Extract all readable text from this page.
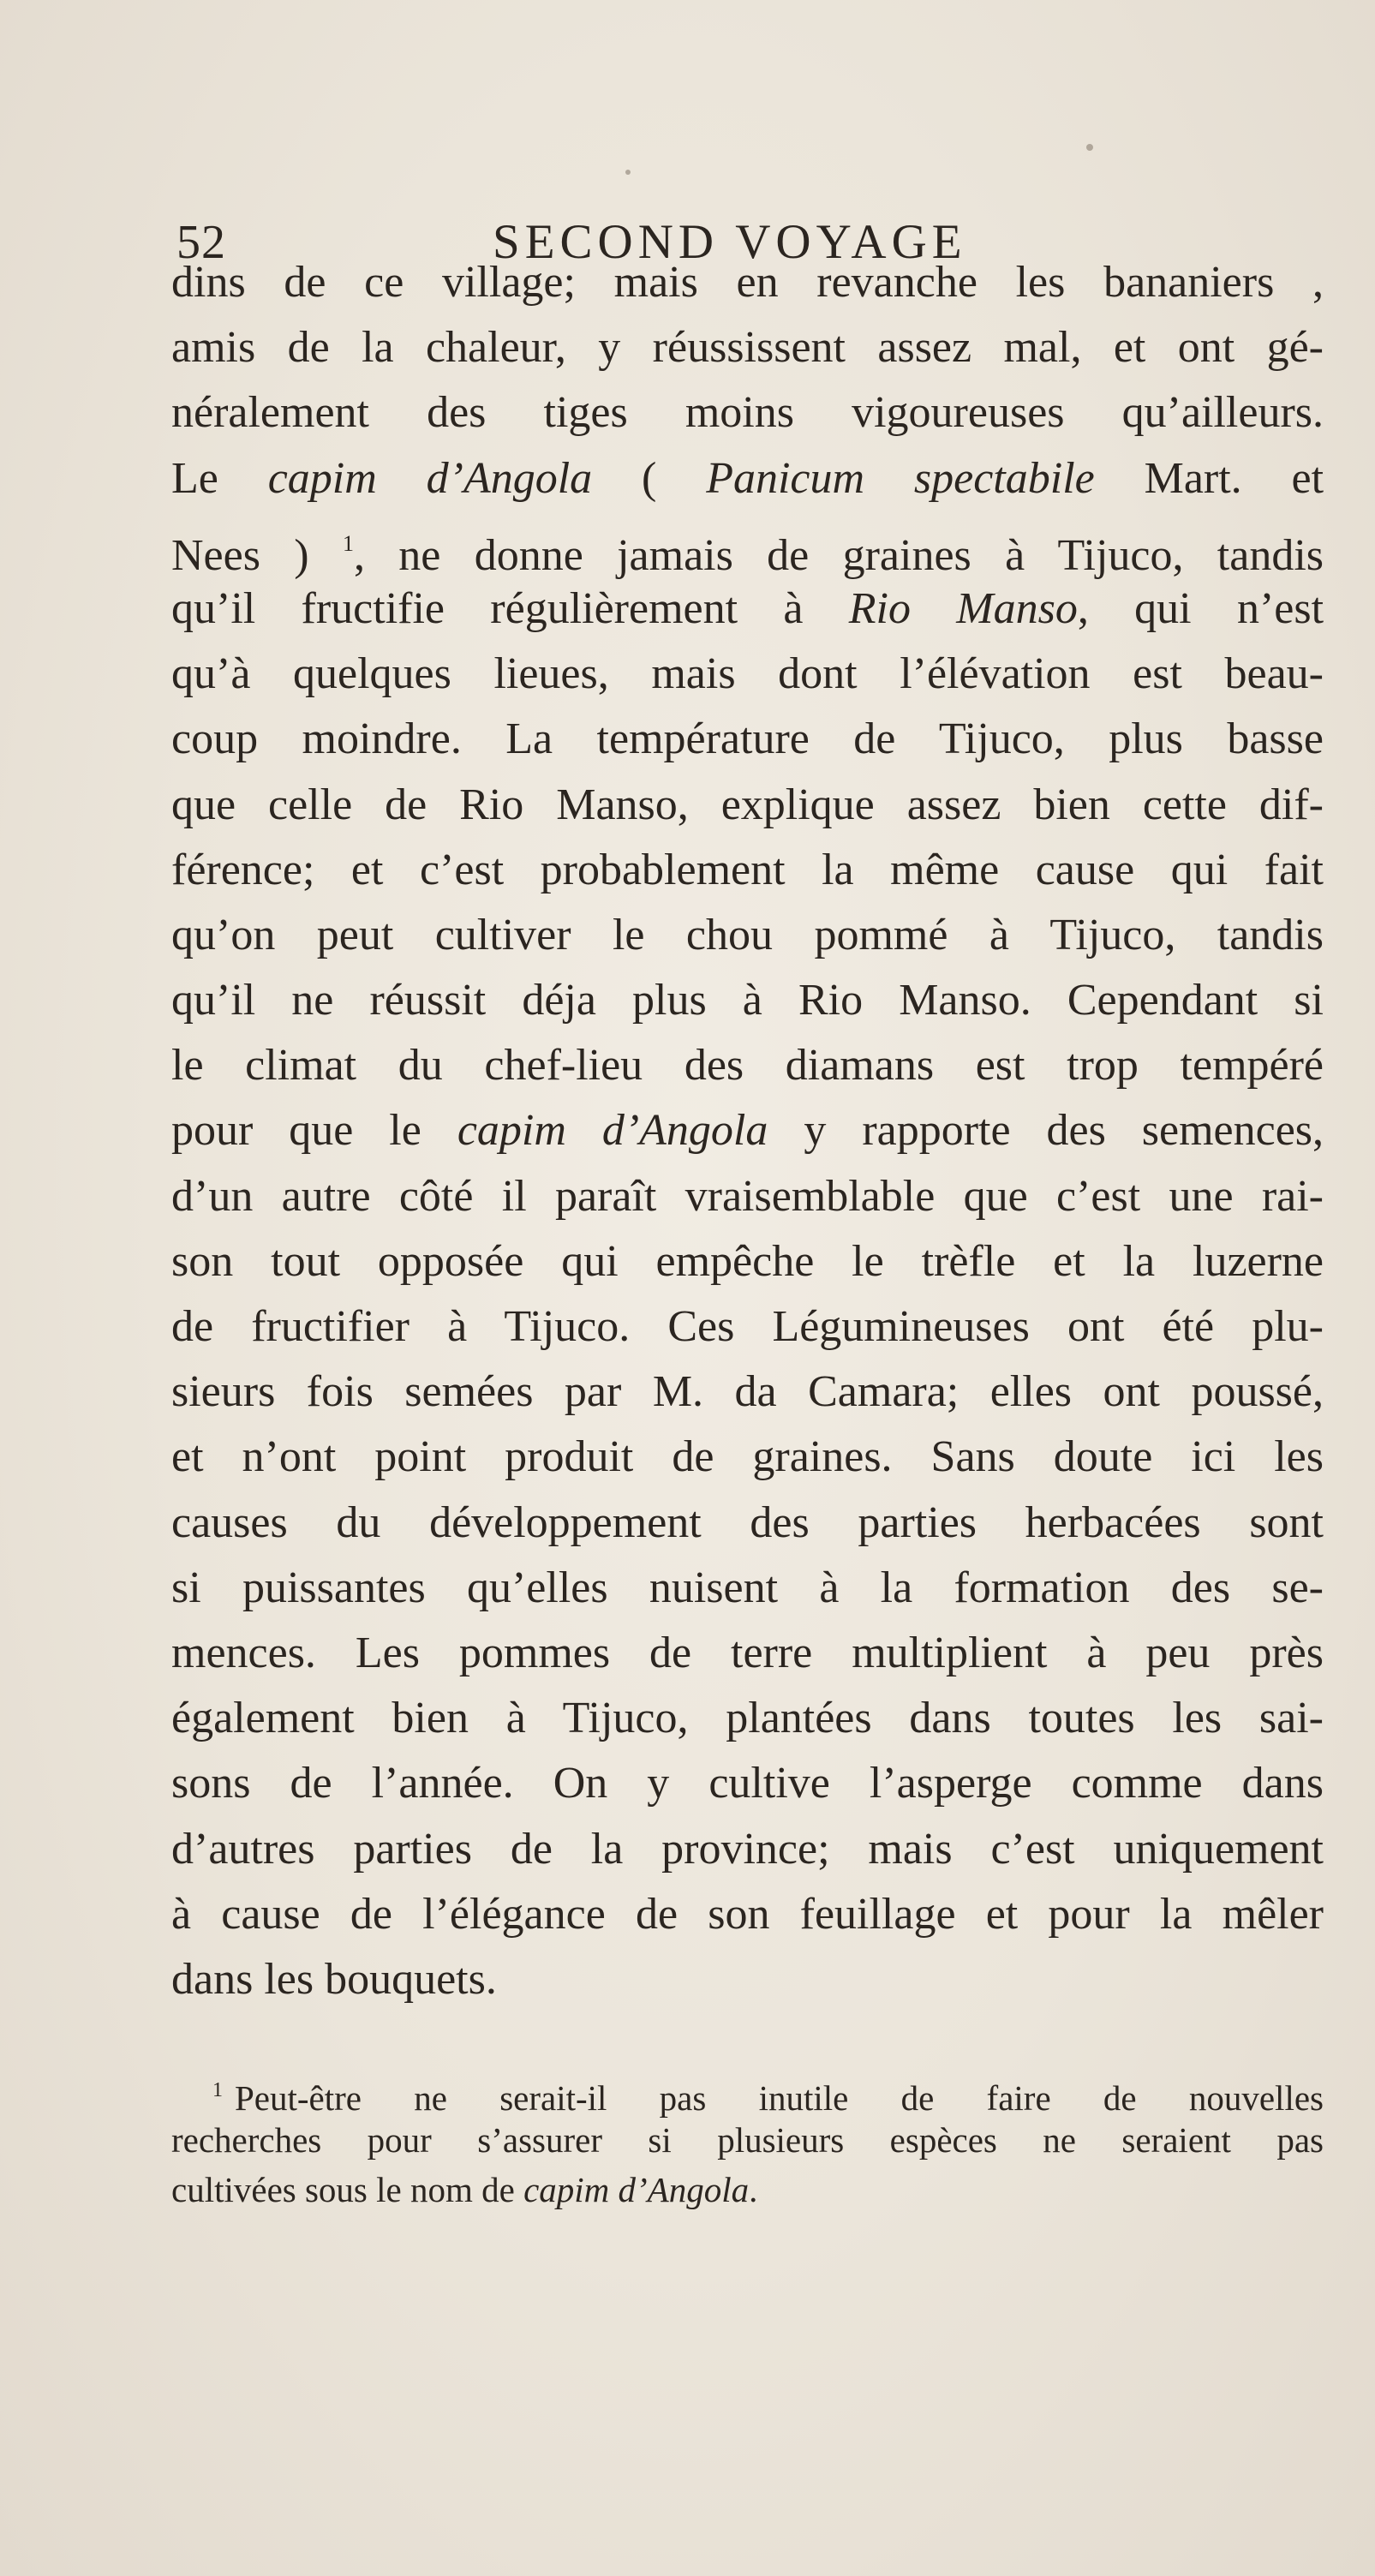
52	SECOND VOYAGE
dins de ce village; mais en revanche les bananiers ,
amis de la chaleur, y réussissent assez mal, et ont gé-
néralement des tiges moins vigoureuses qu’ailleurs.
Le capim d’Angola ( Panicum spectabile Mart. et
Nees ) $^1$, ne donne jamais de graines à Tijuco, tandis
qu’il fructifie régulièrement à Rio Manso, qui n’est
qu’à quelques lieues, mais dont l’élévation est beau-
coup moindre. La température de Tijuco, plus basse
que celle de Rio Manso, explique assez bien cette dif-
férence; et c’est probablement la même cause qui fait
qu’on peut cultiver le chou pommé à Tijuco, tandis
qu’il ne réussit déja plus à Rio Manso. Cependant si
le climat du chef-lieu des diamans est trop tempéré
pour que le capim d’Angola y rapporte des semences,
d’un autre côté il paraît vraisemblable que c’est une rai-
son tout opposée qui empêche le trèfle et la luzerne
de fructifier à Tijuco. Ces Légumineuses ont été plu-
sieurs fois semées par M. da Camara; elles ont poussé,
et n’ont point produit de graines. Sans doute ici les
causes du développement des parties herbacées sont
si puissantes qu’elles nuisent à la formation des se-
mences. Les pommes de terre multiplient à peu près
également bien à Tijuco, plantées dans toutes les sai-
sons de l’année. On y cultive l’asperge comme dans
d’autres parties de la province; mais c’est uniquement
à cause de l’élégance de son feuillage et pour la mêler
dans les bouquets.
$^1$ Peut-être ne serait-il pas inutile de faire de nouvelles
recherches pour s’assurer si plusieurs espèces ne seraient pas
cultivées sous le nom de capim d’Angola.
